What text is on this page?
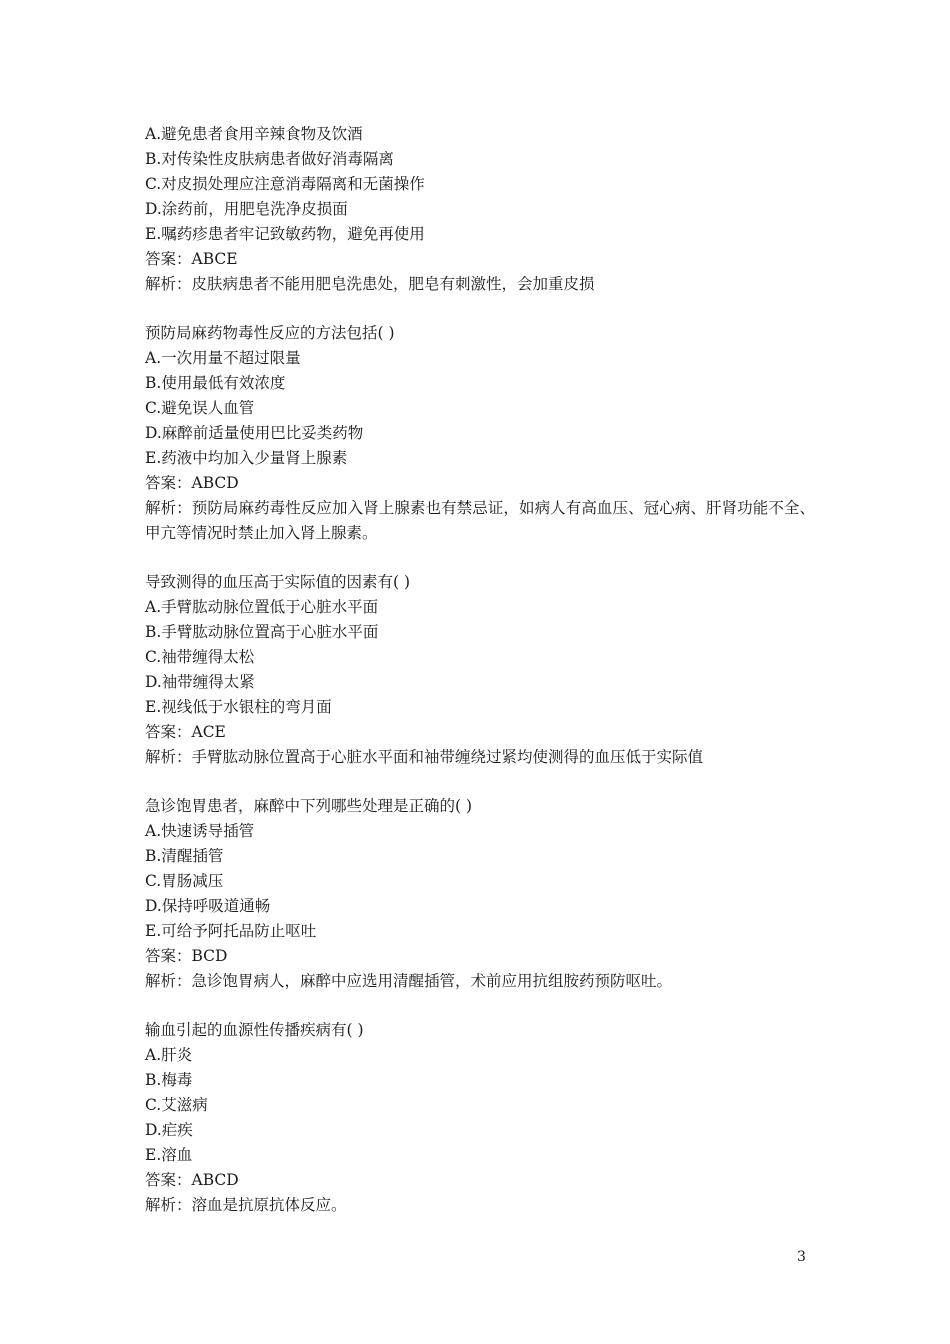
A.避免患者食用辛辣食物及饮酒

B.对传染性皮肤病患者做好消毒隔离

C.对皮损处理应注意消毒隔离和无菌操作

D.涂药前，用肥皂洗净皮损面

E.嘱药疹患者牢记致敏药物，避免再使用

答案：ABCE

解析：皮肤病患者不能用肥皂洗患处，肥皂有刺激性，会加重皮损

预防局麻药物毒性反应的方法包括( )

A.一次用量不超过限量

B.使用最低有效浓度

C.避免误人血管

D.麻醉前适量使用巴比妥类药物

E.药液中均加入少量肾上腺素

答案：ABCD

解析：预防局麻药毒性反应加入肾上腺素也有禁忌证，如病人有高血压、冠心病、肝肾功能不全、甲亢等情况时禁止加入肾上腺素。

导致测得的血压高于实际值的因素有( )

A.手臂肱动脉位置低于心脏水平面

B.手臂肱动脉位置高于心脏水平面

C.袖带缠得太松

D.袖带缠得太紧

E.视线低于水银柱的弯月面

答案：ACE

解析：手臂肱动脉位置高于心脏水平面和袖带缠绕过紧均使测得的血压低于实际值

急诊饱胃患者，麻醉中下列哪些处理是正确的( )

A.快速诱导插管

B.清醒插管

C.胃肠减压

D.保持呼吸道通畅

E.可给予阿托品防止呕吐

答案：BCD

解析：急诊饱胃病人，麻醉中应选用清醒插管，术前应用抗组胺药预防呕吐。

输血引起的血源性传播疾病有( )

A.肝炎

B.梅毒

C.艾滋病

D.疟疾

E.溶血

答案：ABCD

解析：溶血是抗原抗体反应。

3
